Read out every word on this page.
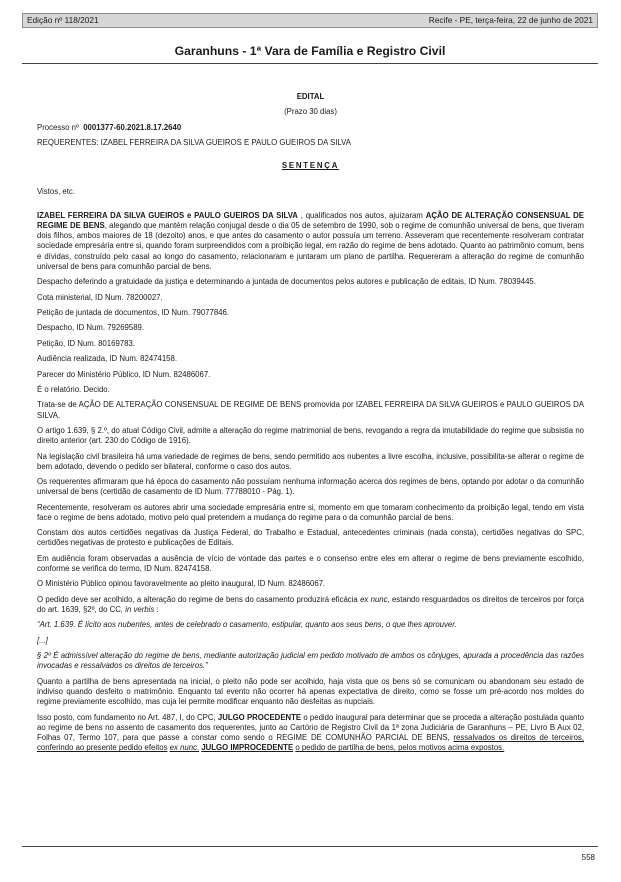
Edição nº 118/2021	Recife - PE, terça-feira, 22 de junho de 2021
Garanhuns - 1ª Vara de Família e Registro Civil

EDITAL

(Prazo 30 dias)

Processo nº 0001377-60.2021.8.17.2640

REQUERENTES: IZABEL FERREIRA DA SILVA GUEIROS E PAULO GUEIROS DA SILVA

SENTENÇA

Vistos, etc.

IZABEL FERREIRA DA SILVA GUEIROS e PAULO GUEIROS DA SILVA , qualificados nos autos, ajuizaram AÇÃO DE ALTERAÇÃO CONSENSUAL DE REGIME DE BENS, alegando que mantém relação conjugal desde o dia 05 de setembro de 1990, sob o regime de comunhão universal de bens, que tiveram dois filhos, ambos maiores de 18 (dezoito) anos, e que antes do casamento o autor possuía um terreno. Asseveram que recentemente resolveram contratar sociedade empresária entre si, quando foram surpreendidos com a proibição legal, em razão do regime de bens adotado. Quanto ao patrimônio comum, bens e dívidas, construído pelo casal ao longo do casamento, relacionaram e juntaram um plano de partilha. Requereram a alteração do regime de comunhão universal de bens para comunhão parcial de bens.

Despacho deferindo a gratuidade da justiça e determinando a juntada de documentos pelos autores e publicação de editais, ID Num. 78039445.

Cota ministerial, ID Num. 78200027.

Petição de juntada de documentos, ID Num. 79077846.

Despacho, ID Num. 79269589.

Petição, ID Num. 80169783.

Audiência realizada, ID Num. 82474158.

Parecer do Ministério Público, ID Num. 82486067.

É o relatório. Decido.

Trata-se de AÇÃO DE ALTERAÇÃO CONSENSUAL DE REGIME DE BENS promovida por IZABEL FERREIRA DA SILVA GUEIROS e PAULO GUEIROS DA SILVA.

O artigo 1.639, § 2.º, do atual Código Civil, admite a alteração do regime matrimonial de bens, revogando a regra da imutabilidade do regime que subsistia no direito anterior (art. 230 do Código de 1916).

Na legislação civil brasileira há uma variedade de regimes de bens, sendo permitido aos nubentes a livre escolha, inclusive, possibilita-se alterar o regime de bem adotado, devendo o pedido ser bilateral, conforme o caso dos autos.

Os requerentes afirmaram que há época do casamento não possuíam nenhuma informação acerca dos regimes de bens, optando por adotar o da comunhão universal de bens (certidão de casamento de ID Num. 77788010 - Pág. 1).

Recentemente, resolveram os autores abrir uma sociedade empresária entre si, momento em que tomaram conhecimento da proibição legal, tendo em vista face o regime de bens adotado, motivo pelo qual pretendem a mudança do regime para o da comunhão parcial de bens.

Constam dos autos certidões negativas da Justiça Federal, do Trabalho e Estadual, antecedentes criminais (nada consta), certidões negativas do SPC, certidões negativas de protesto e publicações de Editais.

Em audiência foram observadas a ausência de vício de vontade das partes e o consenso entre eles em alterar o regime de bens previamente escolhido, conforme se verifica do termo, ID Num. 82474158.

O Ministério Público opinou favoravelmente ao pleito inaugural, ID Num. 82486067.

O pedido deve ser acolhido, a alteração do regime de bens do casamento produzirá eficácia ex nunc, estando resguardados os direitos de terceiros por força do art. 1639, §2º, do CC, in verbis :

“Art. 1.639. É lícito aos nubentes, antes de celebrado o casamento, estipular, quanto aos seus bens, o que lhes aprouver.

[...]

§ 2º É admissível alteração do regime de bens, mediante autorização judicial em pedido motivado de ambos os cônjuges, apurada a procedência das razões invocadas e ressalvados os direitos de terceiros.”

Quanto a partilha de bens apresentada na inicial, o pleito não pode ser acolhido, haja vista que os bens só se comunicam ou abandonam seu estado de indiviso quando desfeito o matrimônio. Enquanto tal evento não ocorrer há apenas expectativa de direito, como se fosse um pré-acordo nos moldes do regime previamente escolhido, mas cuja lei permite modificar enquanto não desfeitas as nupciais.

Isso posto, com fundamento no Art. 487, I, do CPC, JULGO PROCEDENTE o pedido inaugural para determinar que se proceda a alteração postulada quanto ao regime de bens no assento de casamento dos requerentes, junto ao Cartório de Registro Civil da 1ª zona Judiciária de Garanhuns – PE, Livro B Aux 02, Folhas 07, Termo 107, para que passe a constar como sendo o REGIME DE COMUNHÃO PARCIAL DE BENS, ressalvados os direitos de terceiros, conferindo ao presente pedido efeitos ex nunc. JULGO IMPROCEDENTE o pedido de partilha de bens, pelos motivos acima expostos.

558
